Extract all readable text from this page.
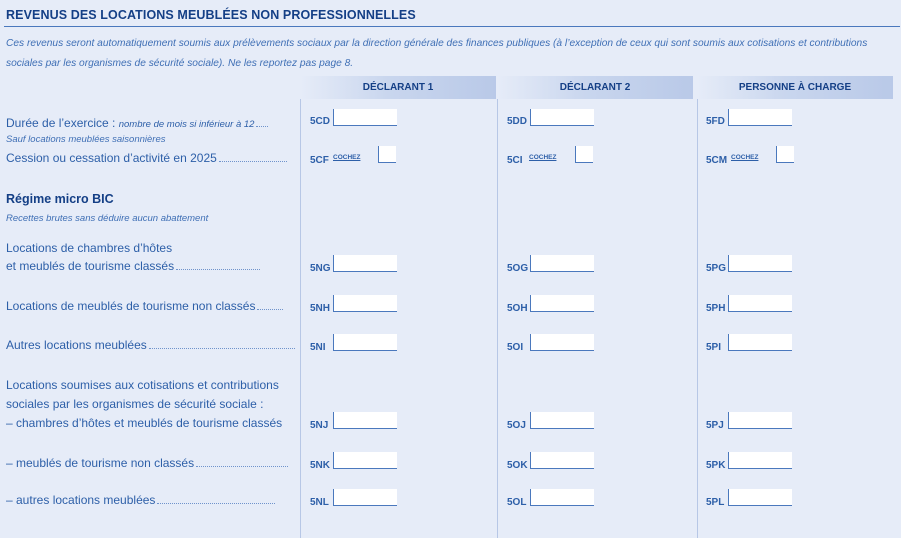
REVENUS DES LOCATIONS MEUBLÉES NON PROFESSIONNELLES
Ces revenus seront automatiquement soumis aux prélèvements sociaux par la direction générale des finances publiques (à l’exception de ceux qui sont soumis aux cotisations et contributions sociales par les organismes de sécurité sociale). Ne les reportez pas page 8.
DÉCLARANT 1	DÉCLARANT 2	PERSONNE À CHARGE
Durée de l’exercice : nombre de mois si inférieur à 12
Sauf locations meublées saisonnières
5CD	5DD	5FD
Cession ou cessation d’activité en 2025	5CF COCHEZ	5CI COCHEZ	5CM COCHEZ
Régime micro BIC
Recettes brutes sans déduire aucun abattement
Locations de chambres d’hôtes
et meublés de tourisme classés	5NG	5OG	5PG
Locations de meublés de tourisme non classés	5NH	5OH	5PH
Autres locations meublées	5NI	5OI	5PI
Locations soumises aux cotisations et contributions
sociales par les organismes de sécurité sociale :
– chambres d’hôtes et meublés de tourisme classés	5NJ	5OJ	5PJ
– meublés de tourisme non classés	5NK	5OK	5PK
– autres locations meublées	5NL	5OL	5PL
